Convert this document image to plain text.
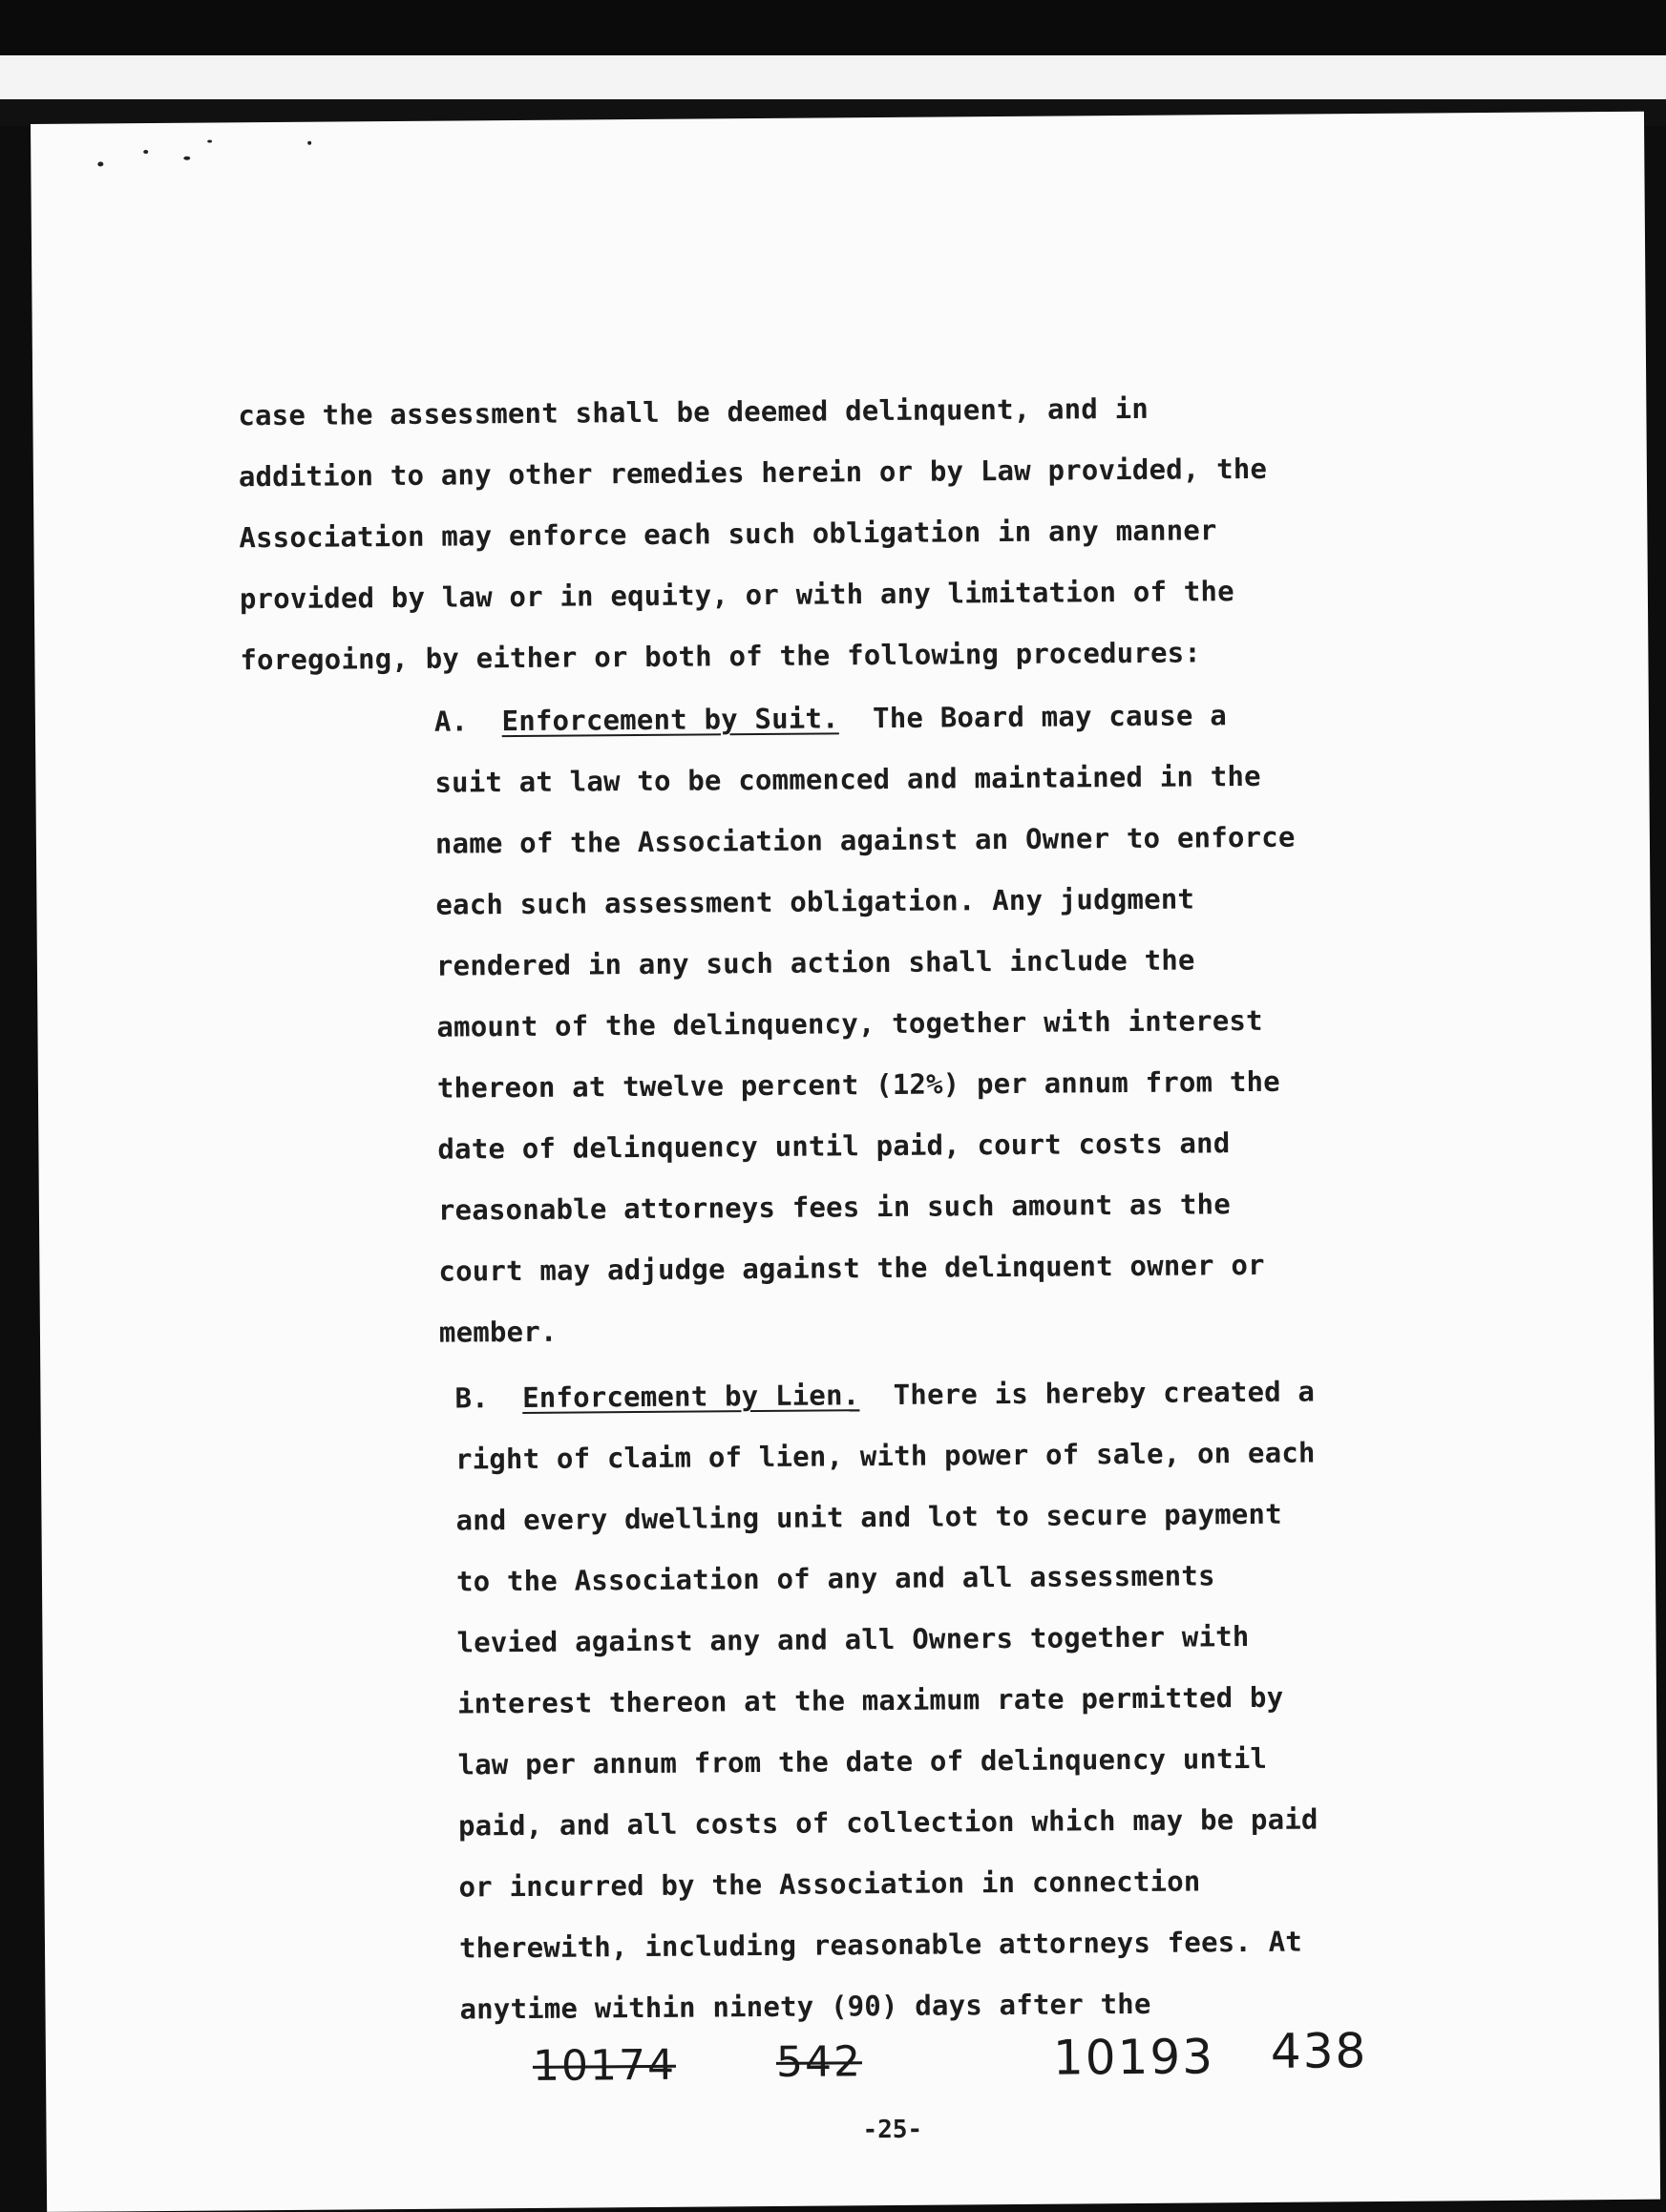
case the assessment shall be deemed delinquent, and in
addition to any other remedies herein or by Law provided, the
Association may enforce each such obligation in any manner
provided by law or in equity, or with any limitation of the
foregoing, by either or both of the following procedures:
A. Enforcement by Suit. The Board may cause a
suit at law to be commenced and maintained in the
name of the Association against an Owner to enforce
each such assessment obligation. Any judgment
rendered in any such action shall include the
amount of the delinquency, together with interest
thereon at twelve percent (12%) per annum from the
date of delinquency until paid, court costs and
reasonable attorneys fees in such amount as the
court may adjudge against the delinquent owner or
member.
B. Enforcement by Lien. There is hereby created a
right of claim of lien, with power of sale, on each
and every dwelling unit and lot to secure payment
to the Association of any and all assessments
levied against any and all Owners together with
interest thereon at the maximum rate permitted by
law per annum from the date of delinquency until
paid, and all costs of collection which may be paid
or incurred by the Association in connection
therewith, including reasonable attorneys fees. At
anytime within ninety (90) days after the
10174 542	10193 438
-25-
